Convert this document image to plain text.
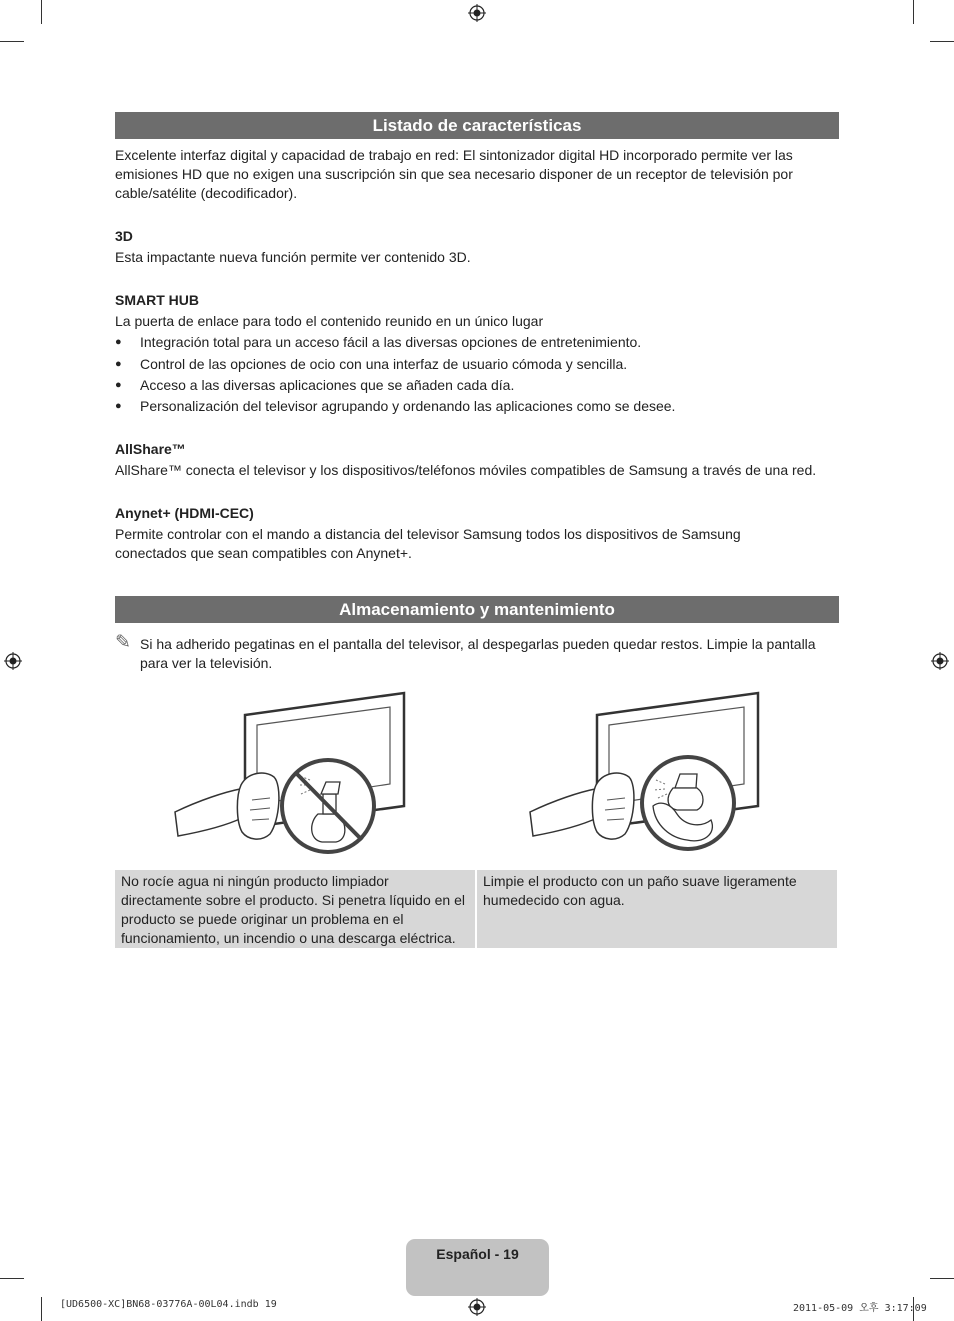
Listado de características
Excelente interfaz digital y capacidad de trabajo en red: El sintonizador digital HD incorporado permite ver las emisiones HD que no exigen una suscripción sin que sea necesario disponer de un receptor de televisión por cable/satélite (decodificador).
3D
Esta impactante nueva función permite ver contenido 3D.
SMART HUB
La puerta de enlace para todo el contenido reunido en un único lugar
● Integración total para un acceso fácil a las diversas opciones de entretenimiento.
● Control de las opciones de ocio con una interfaz de usuario cómoda y sencilla.
● Acceso a las diversas aplicaciones que se añaden cada día.
● Personalización del televisor agrupando y ordenando las aplicaciones como se desee.
AllShare™
AllShare™ conecta el televisor y los dispositivos/teléfonos móviles compatibles de Samsung a través de una red.
Anynet+ (HDMI-CEC)
Permite controlar con el mando a distancia del televisor Samsung todos los dispositivos de Samsung conectados que sean compatibles con Anynet+.
Almacenamiento y mantenimiento
✎ Si ha adherido pegatinas en el pantalla del televisor, al despegarlas pueden quedar restos. Limpie la pantalla para ver la televisión.
No rocíe agua ni ningún producto limpiador directamente sobre el producto. Si penetra líquido en el producto se puede originar un problema en el funcionamiento, un incendio o una descarga eléctrica.
Limpie el producto con un paño suave ligeramente humedecido con agua.
Español - 19
[UD6500-XC]BN68-03776A-00L04.indb 19	2011-05-09 오후 3:17:09
